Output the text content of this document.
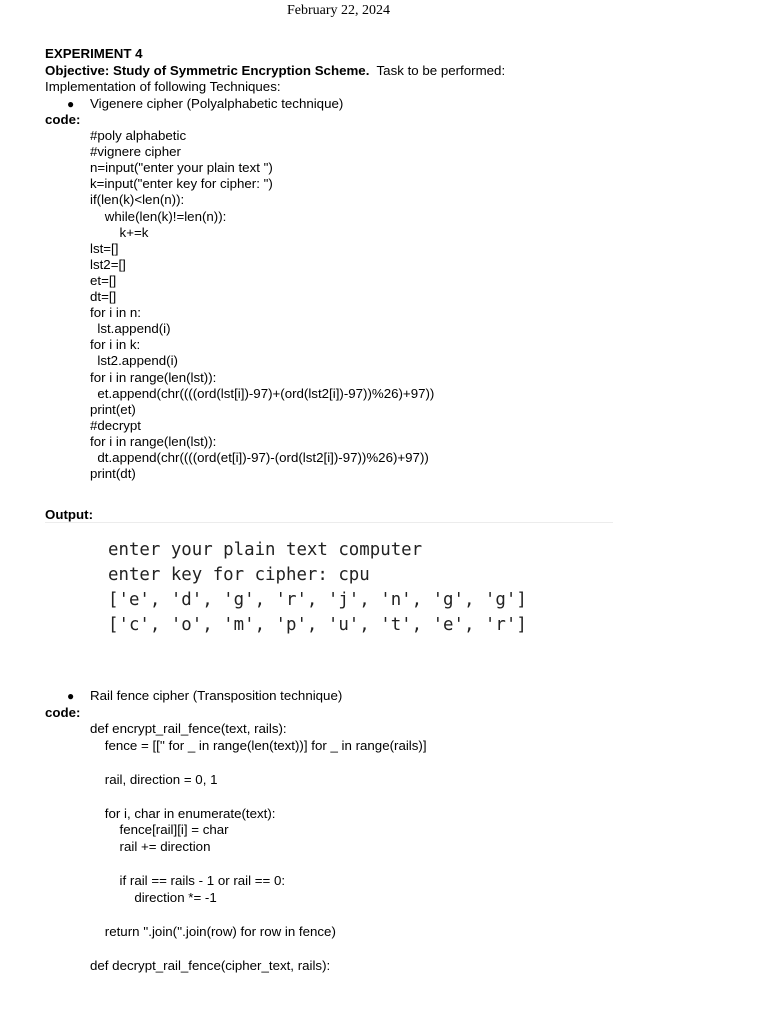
February 22, 2024
EXPERIMENT 4
Objective: Study of Symmetric Encryption Scheme.  Task to be performed:
Implementation of following Techniques:
● Vigenere cipher (Polyalphabetic technique)
code:
#poly alphabetic
#vignere cipher
n=input("enter your plain text ")
k=input("enter key for cipher: ")
if(len(k)<len(n)):
while(len(k)!=len(n)):
k+=k
lst=[]
lst2=[]
et=[]
dt=[]
for i in n:
lst.append(i)
for i in k:
lst2.append(i)
for i in range(len(lst)):
et.append(chr((((ord(lst[i])-97)+(ord(lst2[i])-97))%26)+97))
print(et)
#decrypt
for i in range(len(lst)):
dt.append(chr((((ord(et[i])-97)-(ord(lst2[i])-97))%26)+97))
print(dt)
Output:
enter your plain text computer
enter key for cipher: cpu
['e', 'd', 'g', 'r', 'j', 'n', 'g', 'g']
['c', 'o', 'm', 'p', 'u', 't', 'e', 'r']
● Rail fence cipher (Transposition technique)
code:
def encrypt_rail_fence(text, rails):
fence = [['' for _ in range(len(text))] for _ in range(rails)]
rail, direction = 0, 1
for i, char in enumerate(text):
fence[rail][i] = char
rail += direction
if rail == rails - 1 or rail == 0:
direction *= -1
return ''.join(''.join(row) for row in fence)
def decrypt_rail_fence(cipher_text, rails):
